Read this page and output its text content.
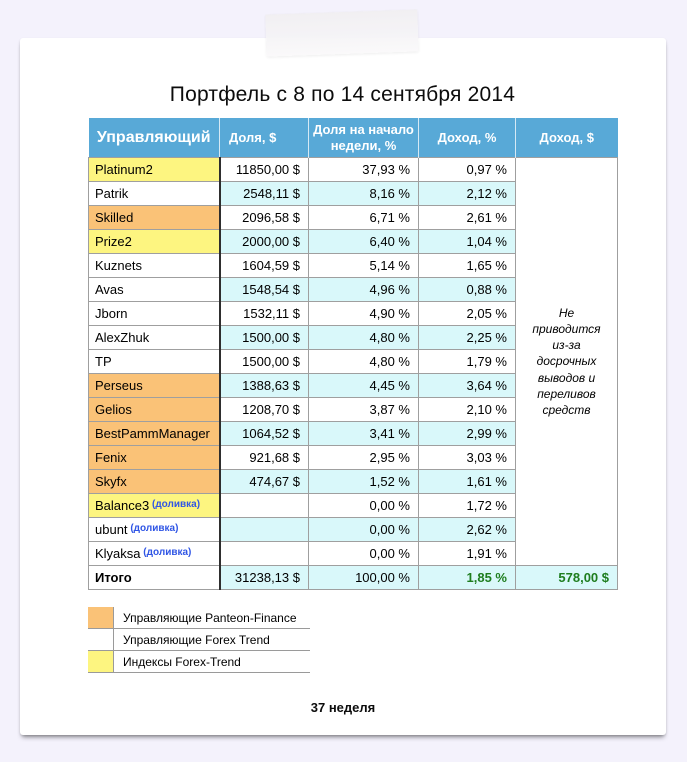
Портфель с 8 по 14 сентября 2014
Управляющий	Доля, $	Доля на начало недели, %	Доход, %	Доход, $
Platinum2	11850,00 $	37,93 %	0,97 %	Не приводится из-за досрочных выводов и переливов средств
Patrik	2548,11 $	8,16 %	2,12 %	
Skilled	2096,58 $	6,71 %	2,61 %	
Prize2	2000,00 $	6,40 %	1,04 %	
Kuznets	1604,59 $	5,14 %	1,65 %	
Avas	1548,54 $	4,96 %	0,88 %	
Jborn	1532,11 $	4,90 %	2,05 %	
AlexZhuk	1500,00 $	4,80 %	2,25 %	
TP	1500,00 $	4,80 %	1,79 %	
Perseus	1388,63 $	4,45 %	3,64 %	
Gelios	1208,70 $	3,87 %	2,10 %	
BestPammManager	1064,52 $	3,41 %	2,99 %	
Fenix	921,68 $	2,95 %	3,03 %	
Skyfx	474,67 $	1,52 %	1,61 %	
Balance3 $^{(доливка)}$		0,00 %	1,72 %	
ubunt $^{(доливка)}$		0,00 %	2,62 %	
Klyaksa $^{(доливка)}$		0,00 %	1,91 %	
Итого	31238,13 $	100,00 %	1,85 %	578,00 $
Управляющие Panteon-Finance
Управляющие Forex Trend
Индексы Forex-Trend
37 неделя
